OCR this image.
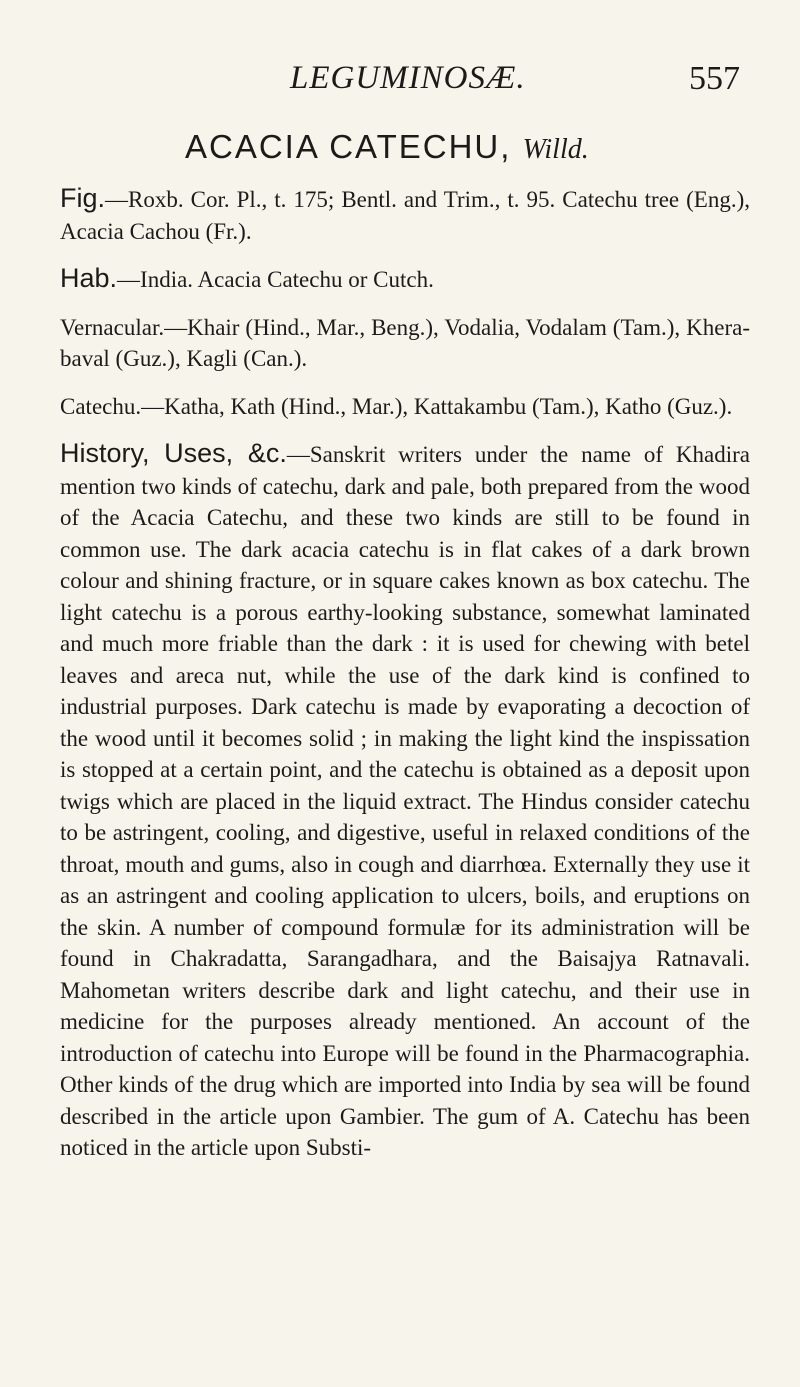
LEGUMINOSÆ.	557
ACACIA CATECHU, Willd.

Fig.—Roxb. Cor. Pl., t. 175; Bentl. and Trim., t. 95. Catechu tree (Eng.), Acacia Cachou (Fr.).

Hab.—India. Acacia Catechu or Cutch.

Vernacular.—Khair (Hind., Mar., Beng.), Vodalia, Vodalam (Tam.), Khera-baval (Guz.), Kagli (Can.).

Catechu.—Katha, Kath (Hind., Mar.), Kattakambu (Tam.), Katho (Guz.).

History, Uses, &c.—Sanskrit writers under the name of Khadira mention two kinds of catechu, dark and pale, both prepared from the wood of the Acacia Catechu, and these two kinds are still to be found in common use. The dark acacia catechu is in flat cakes of a dark brown colour and shining fracture, or in square cakes known as box catechu. The light catechu is a porous earthy-looking substance, somewhat laminated and much more friable than the dark : it is used for chewing with betel leaves and areca nut, while the use of the dark kind is confined to industrial purposes. Dark catechu is made by evaporating a decoction of the wood until it becomes solid ; in making the light kind the inspissation is stopped at a certain point, and the catechu is obtained as a deposit upon twigs which are placed in the liquid extract. The Hindus consider catechu to be astringent, cooling, and digestive, useful in relaxed conditions of the throat, mouth and gums, also in cough and diarrhœa. Externally they use it as an astringent and cooling application to ulcers, boils, and eruptions on the skin. A number of compound formulæ for its administration will be found in Chakradatta, Sarangadhara, and the Baisajya Ratnavali. Mahometan writers describe dark and light catechu, and their use in medicine for the purposes already mentioned. An account of the introduction of catechu into Europe will be found in the Pharmacographia. Other kinds of the drug which are imported into India by sea will be found described in the article upon Gambier. The gum of A. Catechu has been noticed in the article upon Substi-
